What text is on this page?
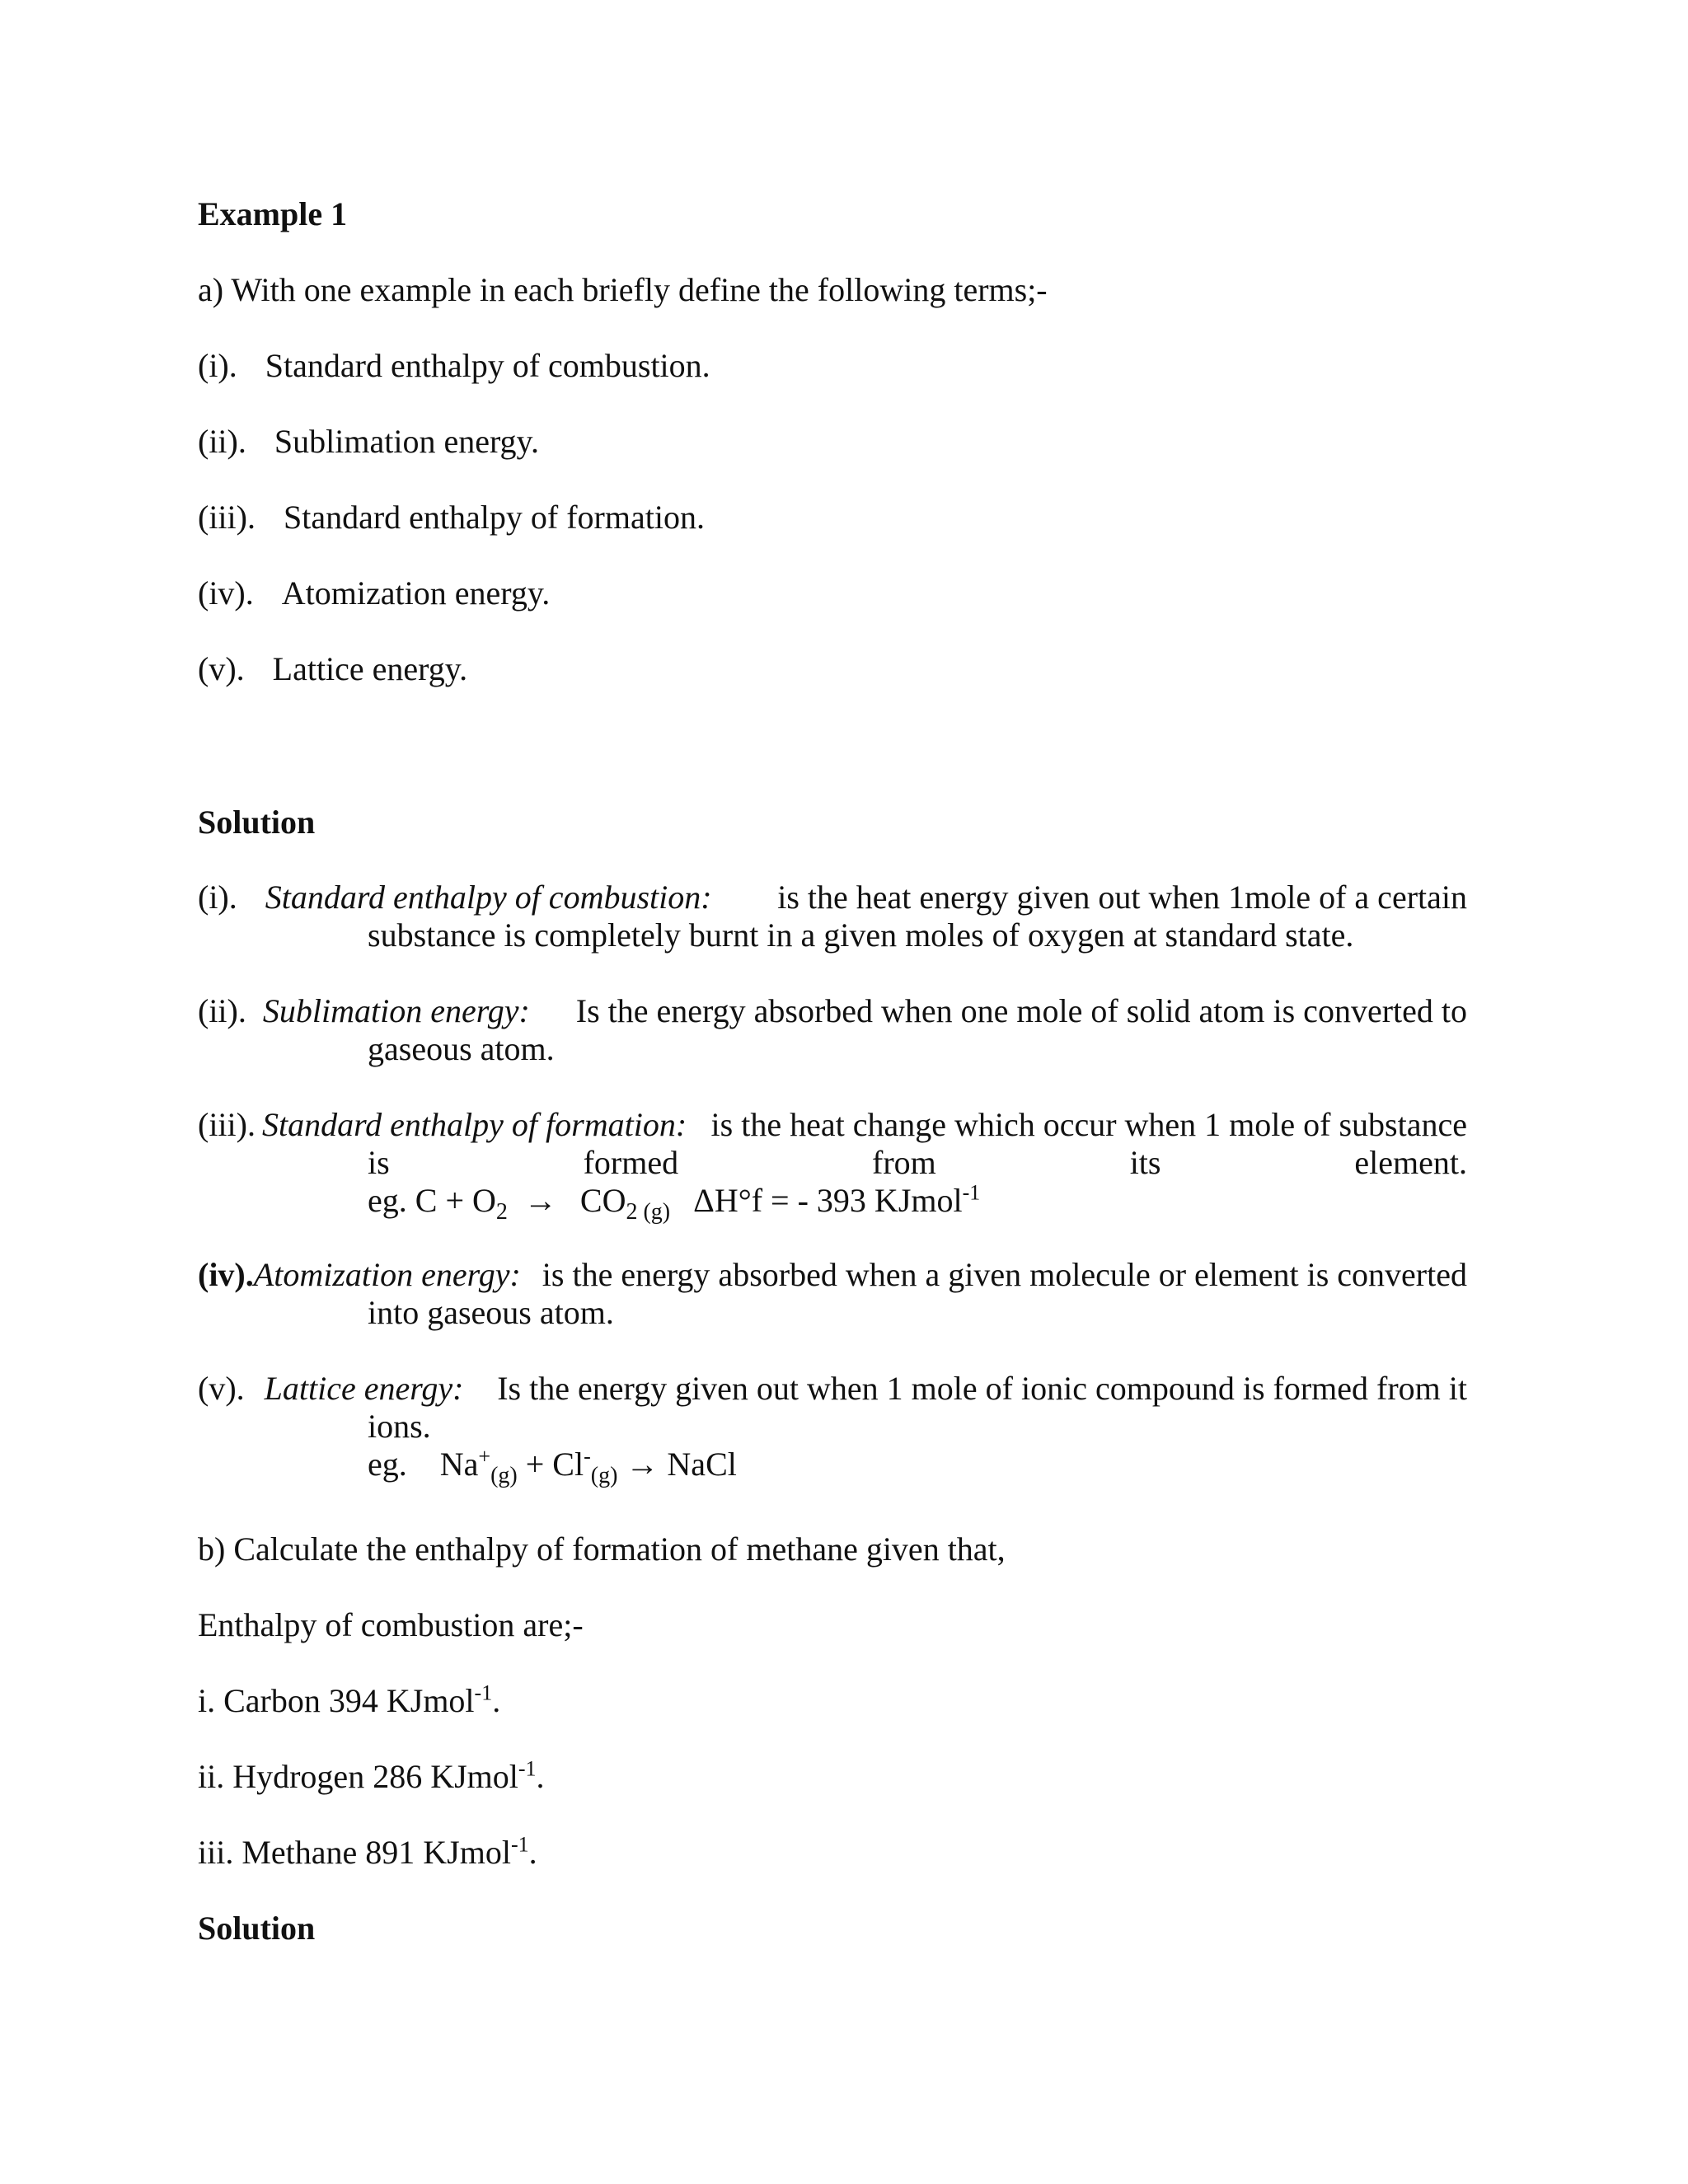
Example 1
a) With one example in each briefly define the following terms;-
(i). Standard enthalpy of combustion.
(ii). Sublimation energy.
(iii). Standard enthalpy of formation.
(iv). Atomization energy.
(v). Lattice energy.
Solution
(i). Standard enthalpy of combustion: is the heat energy given out when 1mole of a certain
substance is completely burnt in a given moles of oxygen at standard state.
(ii). Sublimation energy: Is the energy absorbed when one mole of solid atom is converted to
gaseous atom.
(iii). Standard enthalpy of formation: is the heat change which occur when 1 mole of substance
is	formed	from	its	element.
eg. $C + O_2 \to CO_{2 (g)}$ ΔH°f = - 393 KJmol$^{-1}$
(iv).Atomization energy: is the energy absorbed when a given molecule or element is converted
into gaseous atom.
(v). Lattice energy: Is the energy given out when 1 mole of ionic compound is formed from it
ions.
eg. $Na^+_{(g)} + Cl^-_{(g)}$ → NaCl
b) Calculate the enthalpy of formation of methane given that,
Enthalpy of combustion are;-
i. Carbon 394 KJmol$^{-1}$.
ii. Hydrogen 286 KJmol$^{-1}$.
iii. Methane 891 KJmol$^{-1}$.
Solution
